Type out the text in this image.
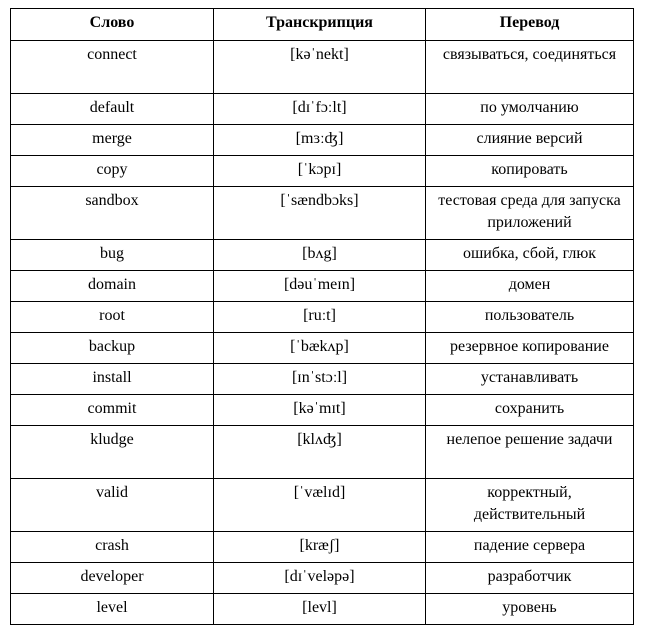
Слово	Транскрипция	Перевод
connect	[kəˈnekt]	связываться, соединяться
default	[dɪˈfɔːlt]	по умолчанию
merge	[mɜːʤ]	слияние версий
copy	[ˈkɔpɪ]	копировать
sandbox	[ˈsændbɔks]	тестовая среда для запуска приложений
bug	[bʌg]	ошибка, сбой, глюк
domain	[dəuˈmeɪn]	домен
root	[ruːt]	пользователь
backup	[ˈbækʌp]	резервное копирование
install	[ɪnˈstɔːl]	устанавливать
commit	[kəˈmɪt]	сохранить
kludge	[klʌʤ]	нелепое решение задачи
valid	[ˈvælɪd]	корректный, действительный
crash	[kræʃ]	падение сервера
developer	[dɪˈveləpə]	разработчик
level	[levl]	уровень
